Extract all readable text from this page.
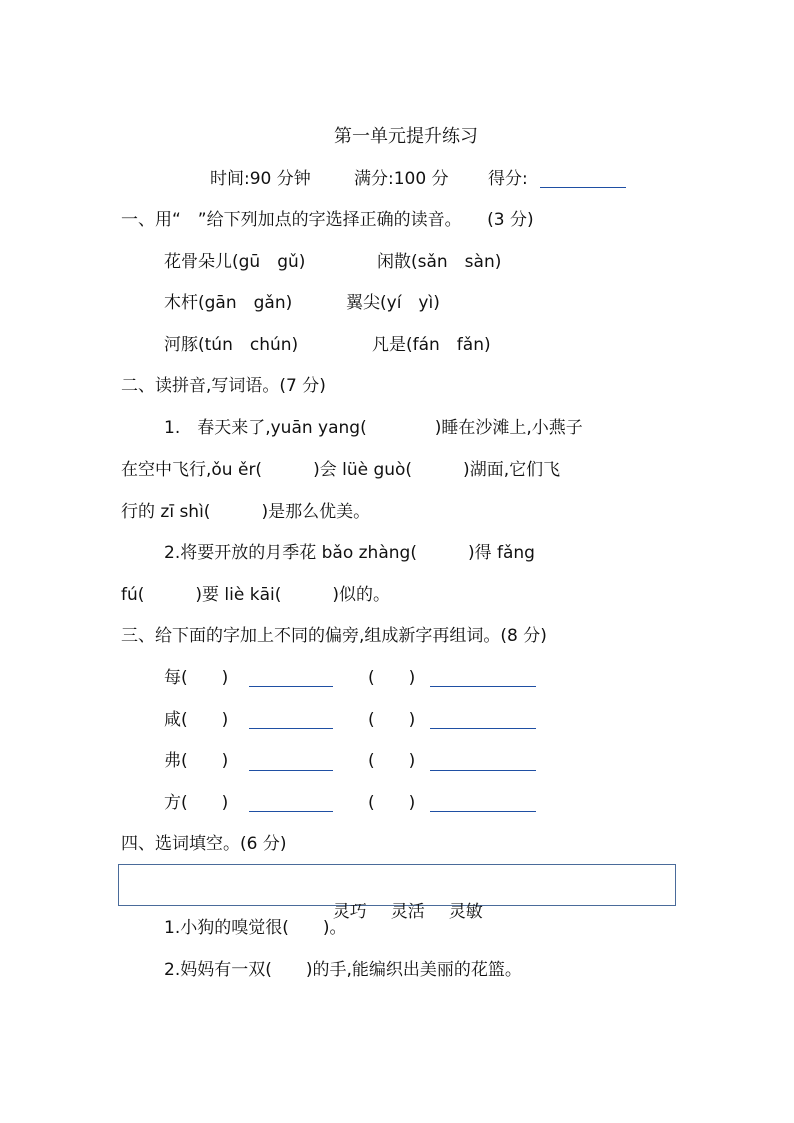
第一单元提升练习
时间:90 分钟	满分:100 分 得分:
一、用“　”给下列加点的字选择正确的读音。　　(3 分)
花骨朵儿(gū　gǔ)	闲散(sǎn　sàn)
木杆(gān　gǎn)	翼尖(yí　yì)
河豚(tún　chún)	凡是(fán　fǎn)
二、读拼音,写词语。(7 分)
1.　春天来了,yuān yang(　　　　)睡在沙滩上,小燕子
在空中飞行,ǒu ěr(　　　)会 lüè guò(　　　)湖面,它们飞
行的 zī shì(　　　)是那么优美。
2.将要开放的月季花 bǎo zhàng(　　　)得 fǎng
fú(　　　)要 liè kāi(　　　)似的。
三、给下面的字加上不同的偏旁,组成新字再组词。(8 分)
每(　　)	(　　)
咸(　　)	(　　)
弗(　　)	(　　)
方(　　)	(　　)
四、选词填空。(6 分)

灵巧 灵活 灵敏

1.小狗的嗅觉很(　　)。
2.妈妈有一双(　　)的手,能编织出美丽的花篮。
